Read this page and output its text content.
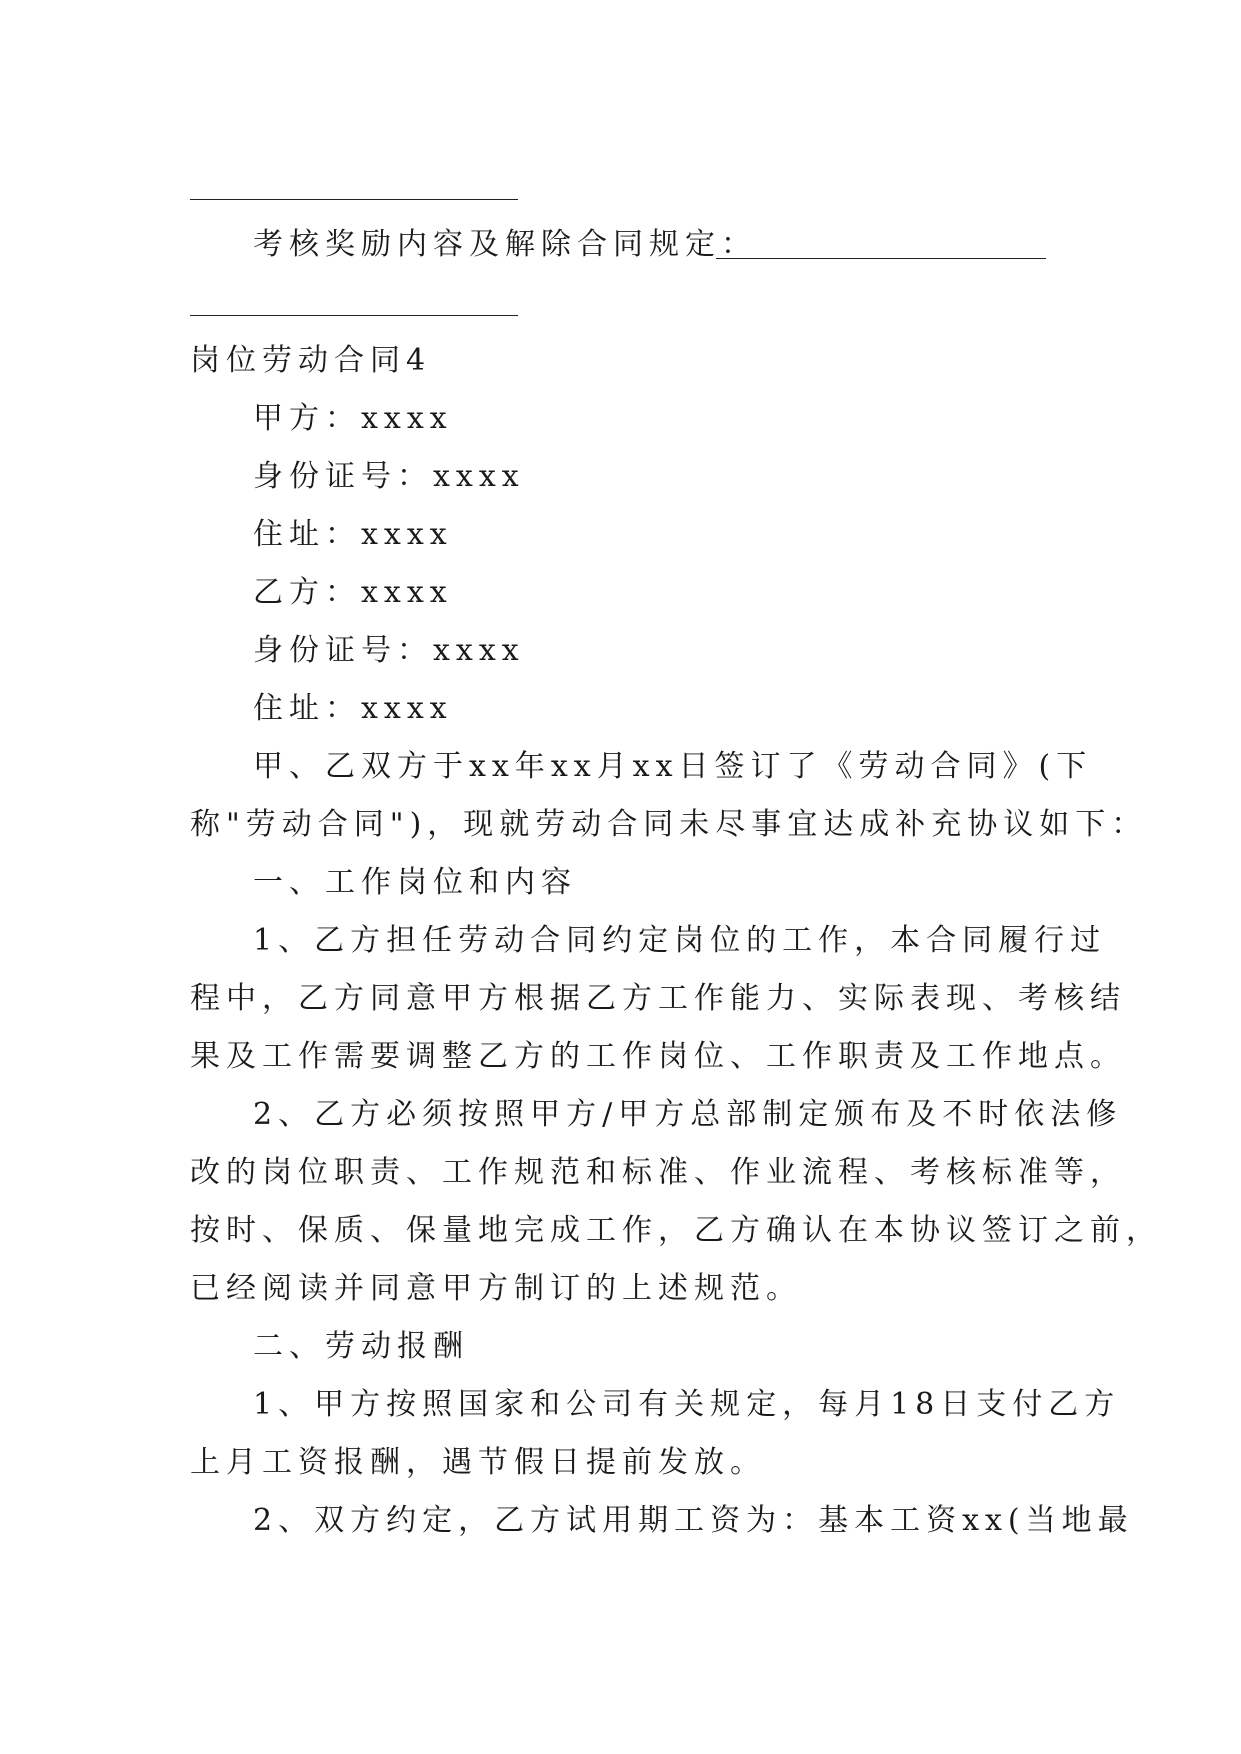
考核奖励内容及解除合同规定：
岗位劳动合同4
甲方：xxxx
身份证号：xxxx
住址：xxxx
乙方：xxxx
身份证号：xxxx
住址：xxxx
甲、乙双方于xx年xx月xx日签订了《劳动合同》(下
称"劳动合同")，现就劳动合同未尽事宜达成补充协议如下：
一、工作岗位和内容
1、乙方担任劳动合同约定岗位的工作，本合同履行过
程中，乙方同意甲方根据乙方工作能力、实际表现、考核结
果及工作需要调整乙方的工作岗位、工作职责及工作地点。
2、乙方必须按照甲方/甲方总部制定颁布及不时依法修
改的岗位职责、工作规范和标准、作业流程、考核标准等，
按时、保质、保量地完成工作，乙方确认在本协议签订之前，
已经阅读并同意甲方制订的上述规范。
二、劳动报酬
1、甲方按照国家和公司有关规定，每月18日支付乙方
上月工资报酬，遇节假日提前发放。
2、双方约定，乙方试用期工资为：基本工资xx(当地最
